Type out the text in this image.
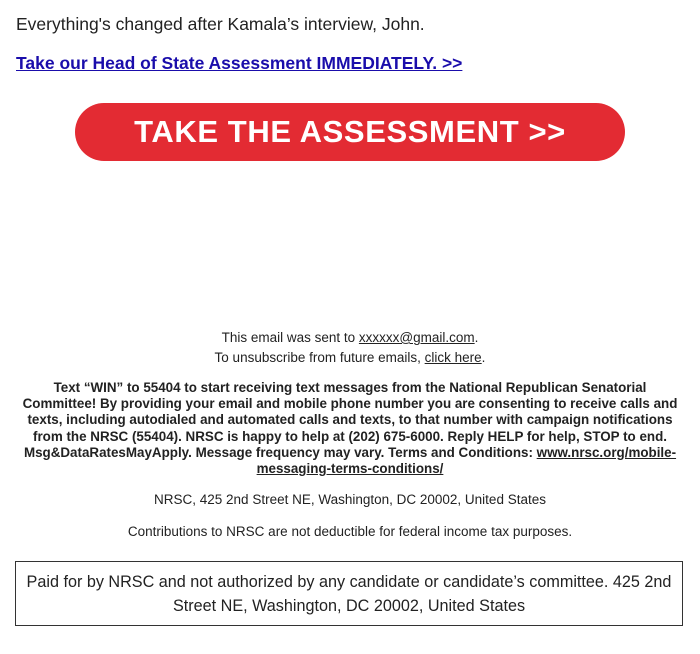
Everything's changed after Kamala’s interview, John.

Take our Head of State Assessment IMMEDIATELY. >>
TAKE THE ASSESSMENT >>

This email was sent to xxxxxx@gmail.com.

To unsubscribe from future emails, click here.

Text “WIN” to 55404 to start receiving text messages from the National Republican Senatorial Committee! By providing your email and mobile phone number you are consenting to receive calls and texts, including autodialed and automated calls and texts, to that number with campaign notifications from the NRSC (55404). NRSC is happy to help at (202) 675-6000. Reply HELP for help, STOP to end. Msg&DataRatesMayApply. Message frequency may vary. Terms and Conditions: www.nrsc.org/mobile-messaging-terms-conditions/

NRSC, 425 2nd Street NE, Washington, DC 20002, United States

Contributions to NRSC are not deductible for federal income tax purposes.

Paid for by NRSC and not authorized by any candidate or candidate’s committee. 425 2nd Street NE, Washington, DC 20002, United States
